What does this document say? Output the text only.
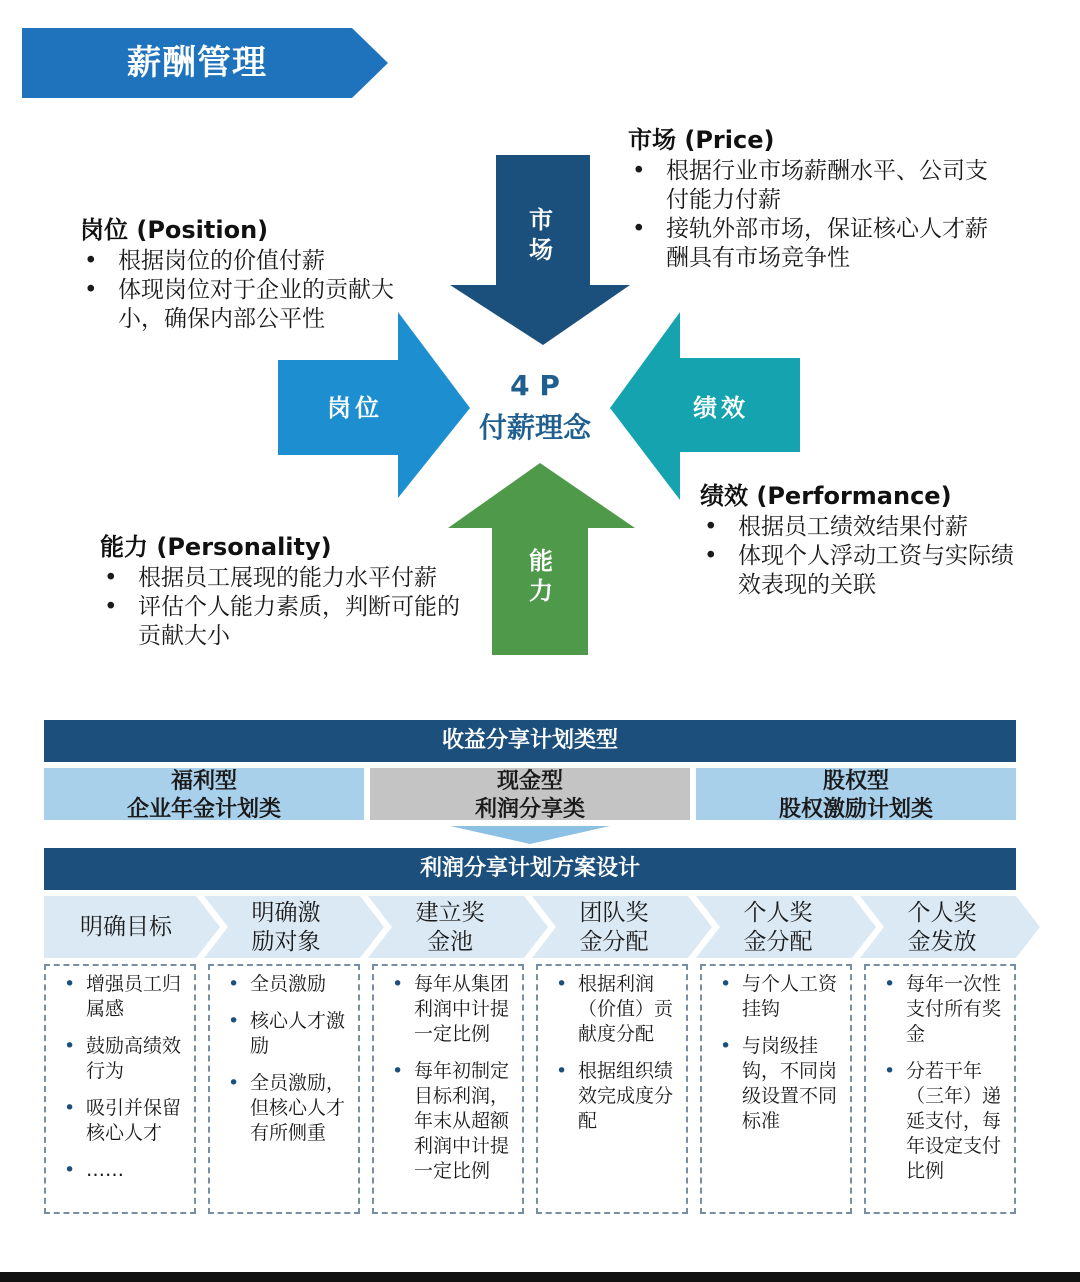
薪酬管理
市场
岗位	绩效
能力
4 P
付薪理念
市场 (Price)
• 根据行业市场薪酬水平、公司支付能力付薪
• 接轨外部市场，保证核心人才薪酬具有市场竞争性
岗位 (Position)
• 根据岗位的价值付薪
• 体现岗位对于企业的贡献大小，确保内部公平性
绩效 (Performance)
• 根据员工绩效结果付薪
• 体现个人浮动工资与实际绩效表现的关联
能力 (Personality)
• 根据员工展现的能力水平付薪
• 评估个人能力素质，判断可能的贡献大小
收益分享计划类型
福利型
企业年金计划类
现金型
利润分享类
股权型
股权激励计划类
利润分享计划方案设计
明确目标
明确激励对象
建立奖金池
团队奖金分配
个人奖金分配
个人奖金发放
• 增强员工归属感
• 鼓励高绩效行为
• 吸引并保留核心人才
• ……
• 全员激励
• 核心人才激励
• 全员激励，但核心人才有所侧重
• 每年从集团利润中计提一定比例
• 每年初制定目标利润，年末从超额利润中计提一定比例
• 根据利润（价值）贡献度分配
• 根据组织绩效完成度分配
• 与个人工资挂钩
• 与岗级挂钩，不同岗级设置不同标准
• 每年一次性支付所有奖金
• 分若干年（三年）递延支付，每年设定支付比例
